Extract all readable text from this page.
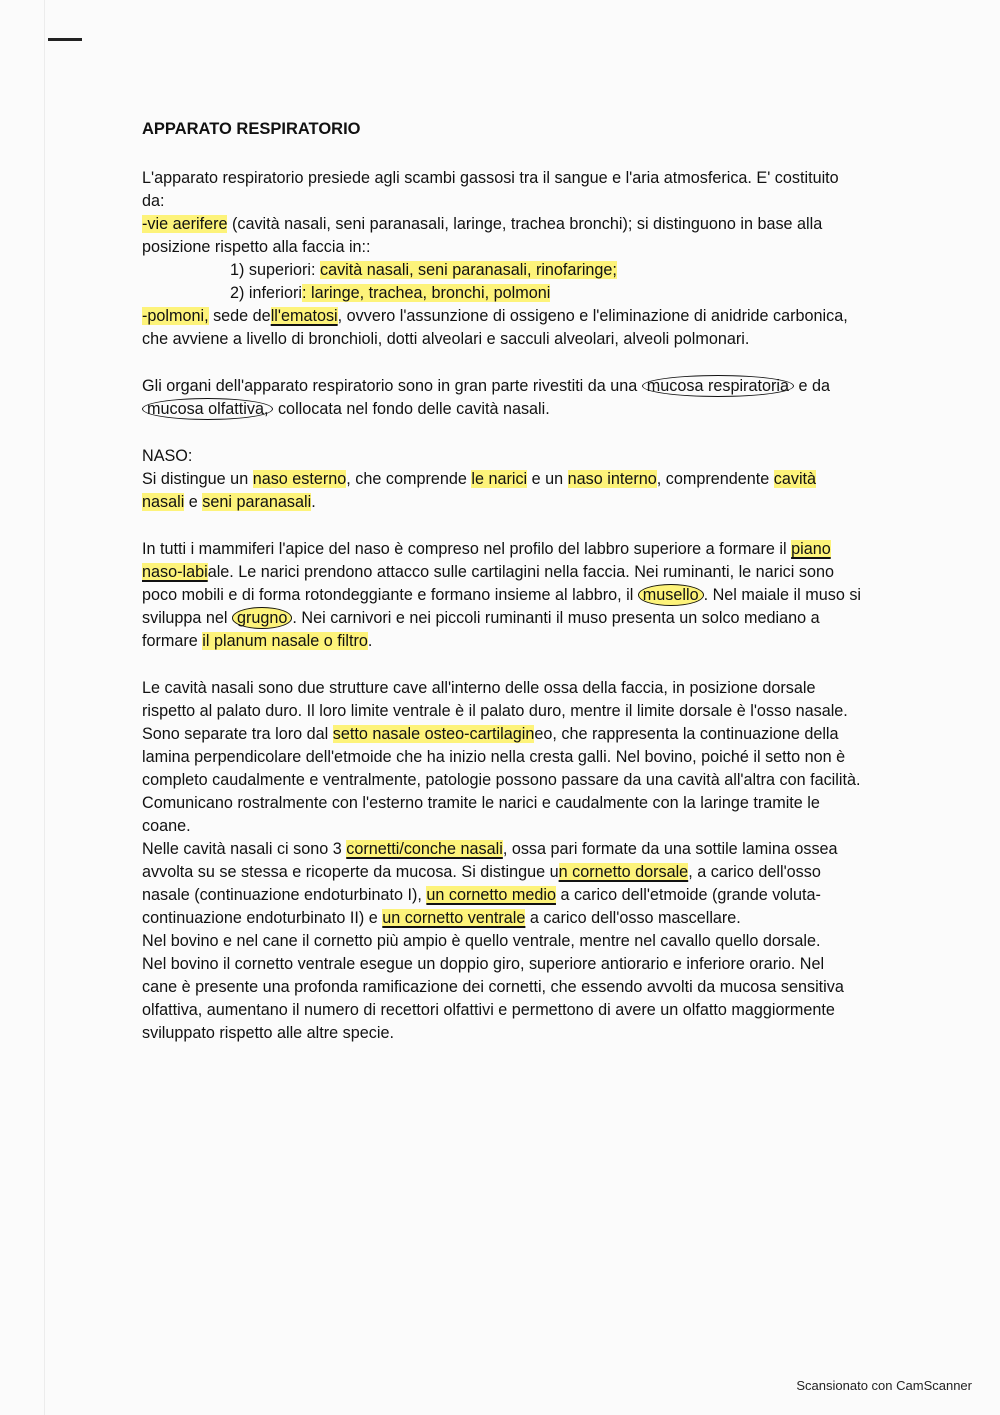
APPARATO RESPIRATORIO

L'apparato respiratorio presiede agli scambi gassosi tra il sangue e l'aria atmosferica. E' costituito da:

-vie aerifere (cavità nasali, seni paranasali, laringe, trachea bronchi); si distinguono in base alla posizione rispetto alla faccia in::

1) superiori: cavità nasali, seni paranasali, rinofaringe;

2) inferiori: laringe, trachea, bronchi, polmoni

-polmoni, sede dell'ematosi, ovvero l'assunzione di ossigeno e l'eliminazione di anidride carbonica, che avviene a livello di bronchioli, dotti alveolari e sacculi alveolari, alveoli polmonari.

Gli organi dell'apparato respiratorio sono in gran parte rivestiti da una mucosa respiratoria e da mucosa olfattiva, collocata nel fondo delle cavità nasali.

NASO:

Si distingue un naso esterno, che comprende le narici e un naso interno, comprendente cavità nasali e seni paranasali.

In tutti i mammiferi l'apice del naso è compreso nel profilo del labbro superiore a formare il piano naso-labiale. Le narici prendono attacco sulle cartilagini nella faccia. Nei ruminanti, le narici sono poco mobili e di forma rotondeggiante e formano insieme al labbro, il musello . Nel maiale il muso si sviluppa nel grugno . Nei carnivori e nei piccoli ruminanti il muso presenta un solco mediano a formare il planum nasale o filtro.

Le cavità nasali sono due strutture cave all'interno delle ossa della faccia, in posizione dorsale rispetto al palato duro. Il loro limite ventrale è il palato duro, mentre il limite dorsale è l'osso nasale. Sono separate tra loro dal setto nasale osteo-cartilagineo, che rappresenta la continuazione della lamina perpendicolare dell'etmoide che ha inizio nella cresta galli. Nel bovino, poiché il setto non è completo caudalmente e ventralmente, patologie possono passare da una cavità all'altra con facilità. Comunicano rostralmente con l'esterno tramite le narici e caudalmente con la laringe tramite le coane.

Nelle cavità nasali ci sono 3 cornetti/conche nasali, ossa pari formate da una sottile lamina ossea avvolta su se stessa e ricoperte da mucosa. Si distingue un cornetto dorsale, a carico dell'osso nasale (continuazione endoturbinato I), un cornetto medio a carico dell'etmoide (grande voluta-continuazione endoturbinato II) e un cornetto ventrale a carico dell'osso mascellare.

Nel bovino e nel cane il cornetto più ampio è quello ventrale, mentre nel cavallo quello dorsale.

Nel bovino il cornetto ventrale esegue un doppio giro, superiore antiorario e inferiore orario. Nel cane è presente una profonda ramificazione dei cornetti, che essendo avvolti da mucosa sensitiva olfattiva, aumentano il numero di recettori olfattivi e permettono di avere un olfatto maggiormente sviluppato rispetto alle altre specie.

Scansionato con CamScanner
